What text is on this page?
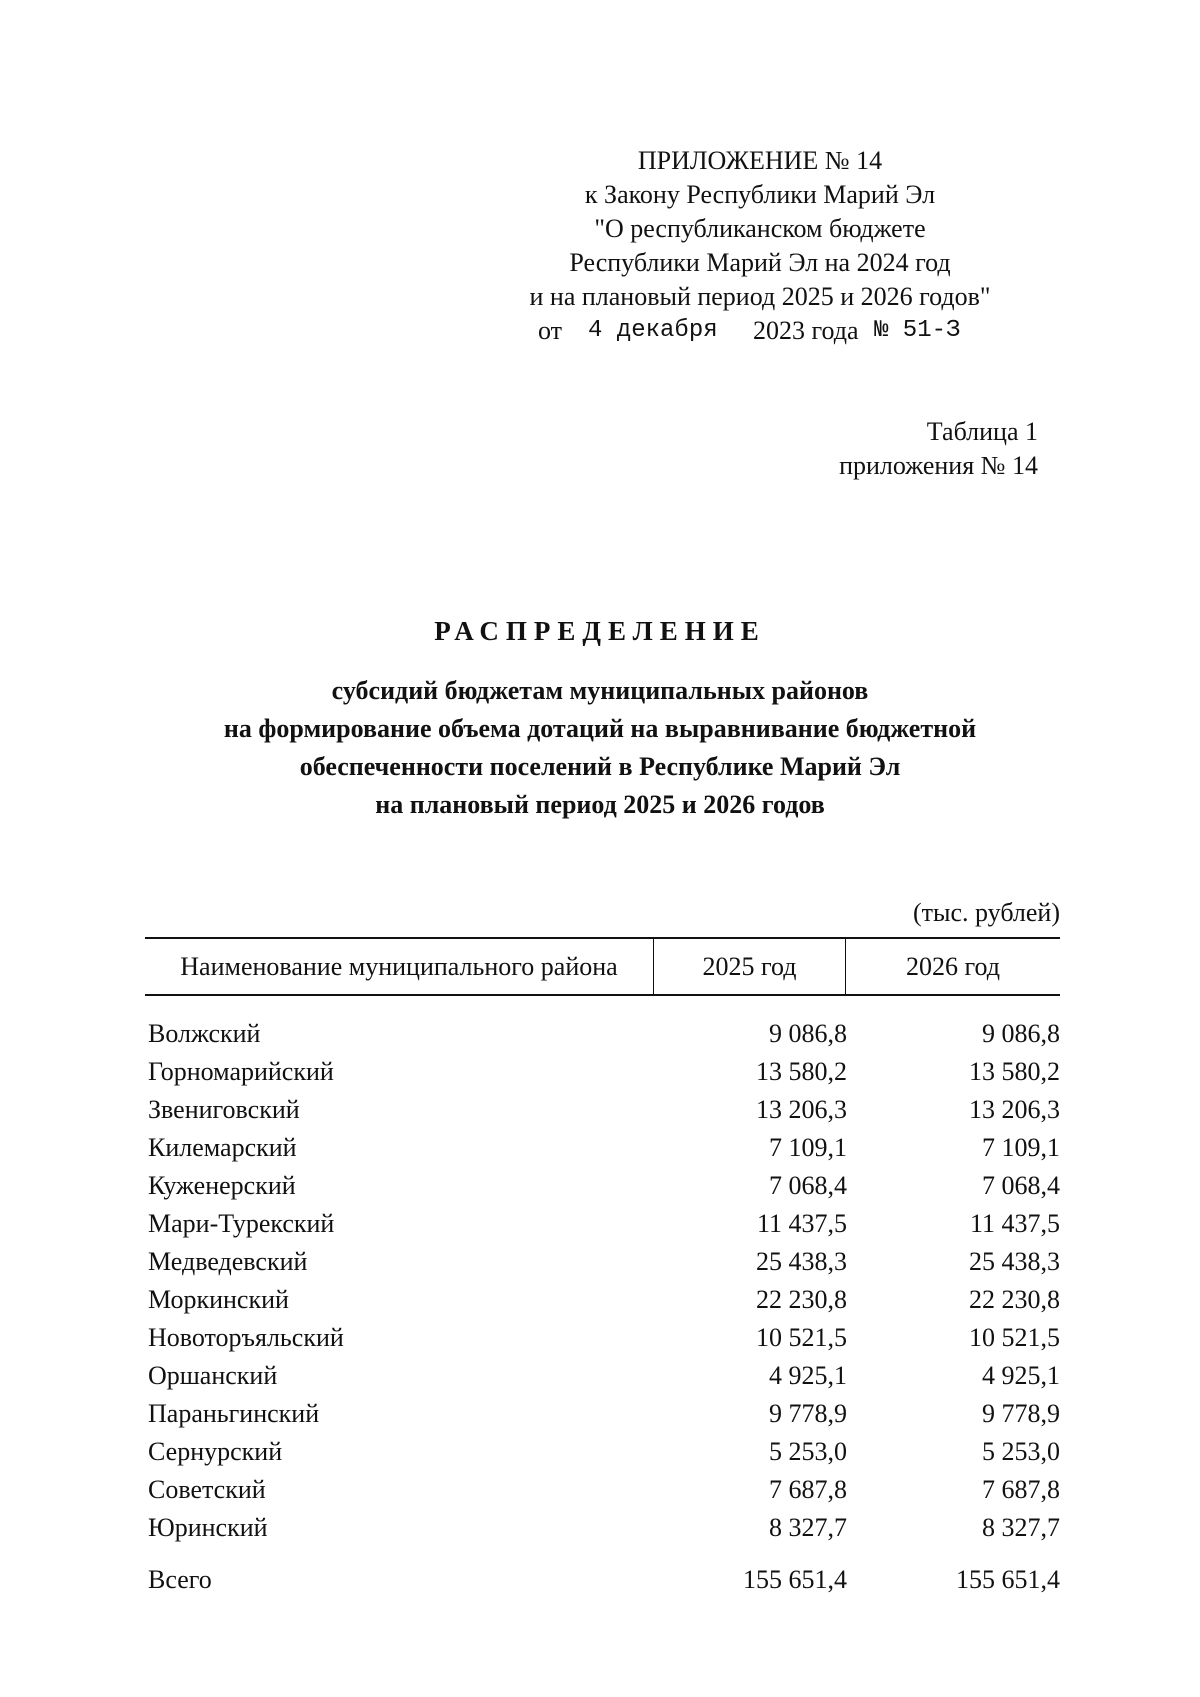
ПРИЛОЖЕНИЕ № 14
к Закону Республики Марий Эл
"О республиканском бюджете
Республики Марий Эл на 2024 год
и на плановый период 2025 и 2026 годов"
от 4 декабря 2023 года № 51-З
Таблица 1
приложения № 14
РАСПРЕДЕЛЕНИЕ
субсидий бюджетам муниципальных районов
на формирование объема дотаций на выравнивание бюджетной
обеспеченности поселений в Республике Марий Эл
на плановый период 2025 и 2026 годов
(тыс. рублей)
Наименование муниципального района	2025 год	2026 год
Волжский	9 086,8	9 086,8
Горномарийский	13 580,2	13 580,2
Звениговский	13 206,3	13 206,3
Килемарский	7 109,1	7 109,1
Куженерский	7 068,4	7 068,4
Мари-Турекский	11 437,5	11 437,5
Медведевский	25 438,3	25 438,3
Моркинский	22 230,8	22 230,8
Новоторъяльский	10 521,5	10 521,5
Оршанский	4 925,1	4 925,1
Параньгинский	9 778,9	9 778,9
Сернурский	5 253,0	5 253,0
Советский	7 687,8	7 687,8
Юринский	8 327,7	8 327,7
Всего	155 651,4	155 651,4
